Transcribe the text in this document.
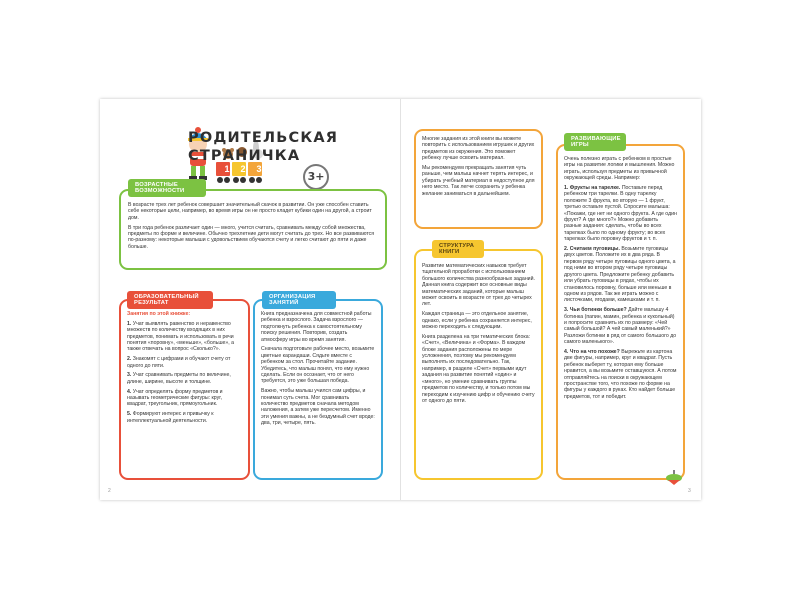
1	2	3
РОДИТЕЛЬСКАЯ
СТРАНИЧКА
3+

В возрасте трех лет ребенок совершает значительный скачок в развитии. Он уже способен ставить себе некоторые цели, например, во время игры он не просто кладет кубики один на другой, а строит дом.

В три года ребенок различает один — много, учится считать, сравнивать между собой множества, предметы по форме и величине. Обычно трехлетние дети могут считать до трех. Но все развиваются по-разному: некоторые малыши с удовольствием обучаются счету и легко считают до пяти и даже больше.

ВОЗРАСТНЫЕ ВОЗМОЖНОСТИ

Занятия по этой книжке:

1. Учат выявлять равенство и неравенство множеств по количеству входящих в них предметов, понимать и использовать в речи понятия «поровну», «меньше», «больше», а также отвечать на вопрос «Сколько?».

2. Знакомят с цифрами и обучают счету от одного до пяти.

3. Учат сравнивать предметы по величине, длине, ширине, высоте и толщине.

4. Учат определять форму предметов и называть геометрические фигуры: круг, квадрат, треугольник, прямоугольник.

5. Формируют интерес и привычку к интеллектуальной деятельности.

ОБРАЗОВАТЕЛЬНЫЙ РЕЗУЛЬТАТ

Книга предназначена для совместной работы ребенка и взрослого. Задача взрослого — подтолкнуть ребенка к самостоятельному поиску решения. Повторив, создать атмосферу игры во время занятия.

Сначала подготовьте рабочее место, возьмите цветные карандаши. Сядьте вместе с ребенком за стол. Прочитайте задание. Убедитесь, что малыш понял, что ему нужно сделать. Если он осознает, что от него требуется, это уже большая победа.

Важно, чтобы малыш учился сам цифры, и понимал суть счета. Мог сравнивать количество предметов сначала методом наложения, а затем уже пересчетом. Именно эти умения важны, а не бездумный счет вроде: два, три, четыре, пять.

ОРГАНИЗАЦИЯ ЗАНЯТИЙ

Многие задания из этой книги вы можете повторить с использованием игрушек и других предметов из окружения. Это поможет ребенку лучше освоить материал.

Мы рекомендуем прекращать занятия чуть раньше, чем малыш начнет терять интерес, и убирать учебный материал в недоступное для него место. Так легче сохранить у ребенка желание заниматься в дальнейшем.

Развитие математических навыков требует тщательной проработки с использованием большого количества разнообразных заданий. Данная книга содержит все основные виды математических заданий, которые малыш может освоить в возрасте от трех до четырех лет.

Каждая страница — это отдельное занятие, однако, если у ребенка сохраняется интерес, можно переходить к следующим.

Книга разделена на три тематических блока: «Счет», «Величина» и «Форма». В каждом блоке задания расположены по мере усложнения, поэтому мы рекомендуем выполнять их последовательно. Так, например, в разделе «Счет» первыми идут задания на развитие понятий «один» и «много», но умение сравнивать группы предметов по количеству, и только потом мы переходим к изучению цифр и обучению счету от одного до пяти.

СТРУКТУРА КНИГИ

Очень полезно играть с ребенком в простые игры на развитие логики и мышления. Можно играть, используя предметы из привычной окружающей среды. Например:

1. Фрукты на тарелке. Поставьте перед ребенком три тарелки. В одну тарелку положите 3 фрукта, во вторую — 1 фрукт, третью оставьте пустой. Спросите малыша: «Покажи, где нет ни одного фрукта. А где один фрукт? А где много?» Можно добавить разные задания: сделать, чтобы во всех тарелках было по одному фрукту; во всех тарелках было поровну фруктов и т. п.

2. Считаем пуговицы. Возьмите пуговицы двух цветов. Положите их в два ряда. В первом ряду четыре пуговицы одного цвета, а под ними во втором ряду четыре пуговицы другого цвета. Предложите ребенку добавить или убрать пуговицы в рядах, чтобы их становилось поровну, больше или меньше в одном из рядов. Так же играть можно с листочками, ягодами, камешками и т. п.

3. Чьи ботинки больше? Дайте малышу 4 ботинка (папин, мамин, ребенка и кукольный) и попросите сравнить их по размеру: «Чей самый большой? А чей самый маленький?» Разложи ботинки в ряд от самого большого до самого маленького».

4. Что на что похоже? Вырежьте из картона две фигуры, например, круг и квадрат. Пусть ребенок выберет ту, которая ему больше нравится, а вы возьмите оставшуюся. А потом отправляйтесь на поиски в окружающем пространстве того, что похоже по форме на фигуры у каждого в руках. Кто найдет больше предметов, тот и победит.

РАЗВИВАЮЩИЕ ИГРЫ
2	3
